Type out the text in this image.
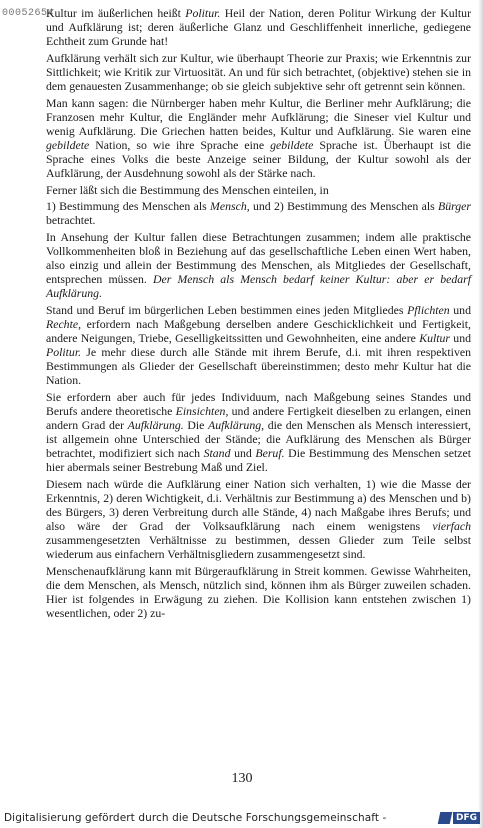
00052654

Kultur im äußerlichen heißt Politur. Heil der Nation, deren Politur Wirkung der Kultur und Aufklärung ist; deren äußerliche Glanz und Geschliffenheit innerliche, gediegene Echtheit zum Grunde hat!

Aufklärung verhält sich zur Kultur, wie überhaupt Theorie zur Praxis; wie Erkenntnis zur Sittlichkeit; wie Kritik zur Virtuosität. An und für sich betrachtet, (objektive) stehen sie in dem genauesten Zusammenhange; ob sie gleich subjektive sehr oft getrennt sein können.

Man kann sagen: die Nürnberger haben mehr Kultur, die Berliner mehr Aufklärung; die Franzosen mehr Kultur, die Engländer mehr Aufklärung; die Sineser viel Kultur und wenig Aufklärung. Die Griechen hatten beides, Kultur und Aufklärung. Sie waren eine gebildete Nation, so wie ihre Sprache eine gebildete Sprache ist. Überhaupt ist die Sprache eines Volks die beste Anzeige seiner Bildung, der Kultur sowohl als der Aufklärung, der Ausdehnung sowohl als der Stärke nach.

Ferner läßt sich die Bestimmung des Menschen einteilen, in

1) Bestimmung des Menschen als Mensch, und 2) Bestimmung des Menschen als Bürger betrachtet.

In Ansehung der Kultur fallen diese Betrachtungen zusammen; indem alle praktische Vollkommenheiten bloß in Beziehung auf das gesellschaftliche Leben einen Wert haben, also einzig und allein der Bestimmung des Menschen, als Mitgliedes der Gesellschaft, entsprechen müssen. Der Mensch als Mensch bedarf keiner Kultur: aber er bedarf Aufklärung.

Stand und Beruf im bürgerlichen Leben bestimmen eines jeden Mitgliedes Pflichten und Rechte, erfordern nach Maßgebung derselben andere Geschicklichkeit und Fertigkeit, andere Neigungen, Triebe, Geselligkeitssitten und Gewohnheiten, eine andere Kultur und Politur. Je mehr diese durch alle Stände mit ihrem Berufe, d.i. mit ihren respektiven Bestimmungen als Glieder der Gesellschaft übereinstimmen; desto mehr Kultur hat die Nation.

Sie erfordern aber auch für jedes Individuum, nach Maßgebung seines Standes und Berufs andere theoretische Einsichten, und andere Fertigkeit dieselben zu erlangen, einen andern Grad der Aufklärung. Die Aufklärung, die den Menschen als Mensch interessiert, ist allgemein ohne Unterschied der Stände; die Aufklärung des Menschen als Bürger betrachtet, modifiziert sich nach Stand und Beruf. Die Bestimmung des Menschen setzet hier abermals seiner Bestrebung Maß und Ziel.

Diesem nach würde die Aufklärung einer Nation sich verhalten, 1) wie die Masse der Erkenntnis, 2) deren Wichtigkeit, d.i. Verhältnis zur Bestimmung a) des Menschen und b) des Bürgers, 3) deren Verbreitung durch alle Stände, 4) nach Maßgabe ihres Berufs; und also wäre der Grad der Volksaufklärung nach einem wenigstens vierfach zusammengesetzten Verhältnisse zu bestimmen, dessen Glieder zum Teile selbst wiederum aus einfachern Verhältnisgliedern zusammengesetzt sind.

Menschenaufklärung kann mit Bürgeraufklärung in Streit kommen. Gewisse Wahrheiten, die dem Menschen, als Mensch, nützlich sind, können ihm als Bürger zuweilen schaden. Hier ist folgendes in Erwägung zu ziehen. Die Kollision kann entstehen zwischen 1) wesentlichen, oder 2) zu-

130
Digitalisierung gefördert durch die Deutsche Forschungsgemeinschaft -	DFG
